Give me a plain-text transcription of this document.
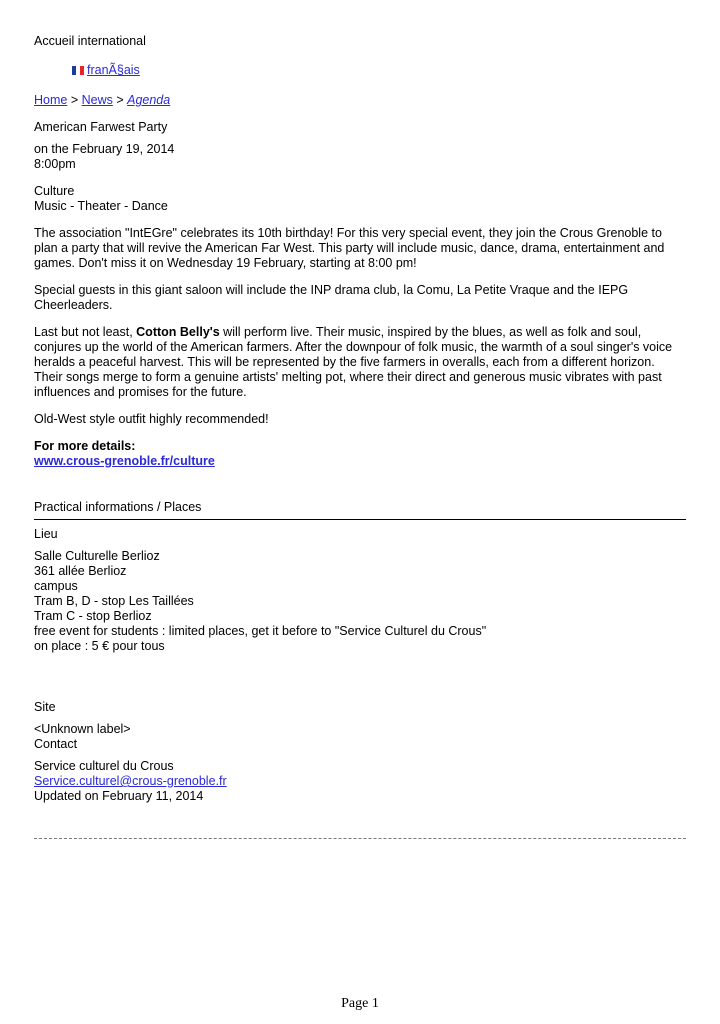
Accueil international
franÃ§ais
Home > News > Agenda
American Farwest Party
on the February 19, 2014
8:00pm
Culture
Music - Theater - Dance

The association "IntEGre" celebrates its 10th birthday! For this very special event, they join the Crous Grenoble to plan a party that will revive the American Far West. This party will include music, dance, drama, entertainment and games. Don't miss it on Wednesday 19 February, starting at 8:00 pm!

Special guests in this giant saloon will include the INP drama club, la Comu, La Petite Vraque and the IEPG Cheerleaders.

Last but not least, Cotton Belly's will perform live. Their music, inspired by the blues, as well as folk and soul, conjures up the world of the American farmers. After the downpour of folk music, the warmth of a soul singer's voice heralds a peaceful harvest. This will be represented by the five farmers in overalls, each from a different horizon. Their songs merge to form a genuine artists' melting pot, where their direct and generous music vibrates with past influences and promises for the future.

Old-West style outfit highly recommended!

For more details:
www.crous-grenoble.fr/culture
Practical informations / Places
Lieu
Salle Culturelle Berlioz
361 allée Berlioz
campus
Tram B, D - stop Les Taillées
Tram C - stop Berlioz
free event for students : limited places, get it before to "Service Culturel du Crous"
on place : 5 € pour tous
Site
<Unknown label>
Contact
Service culturel du Crous
Service.culturel@crous-grenoble.fr
Updated on February 11, 2014
Page 1
